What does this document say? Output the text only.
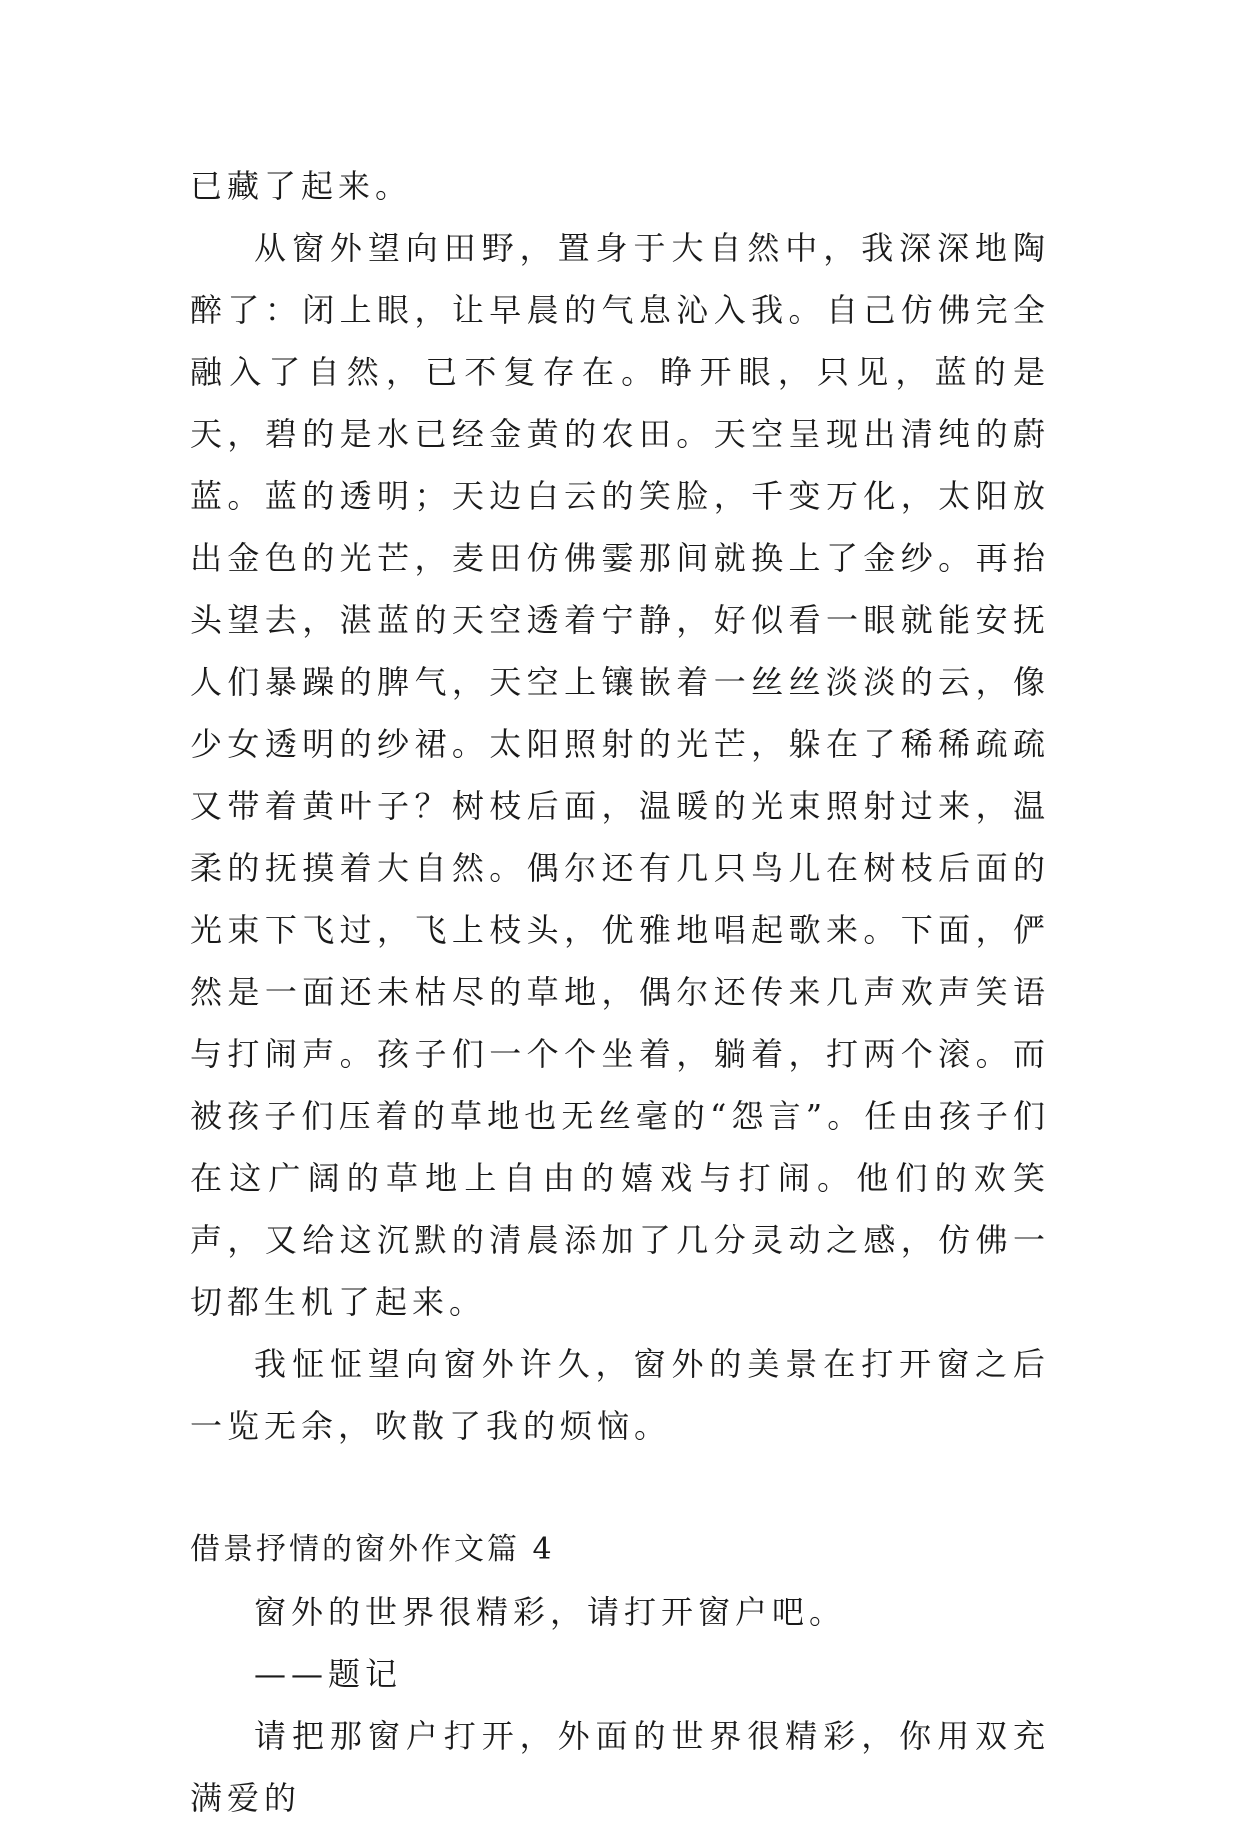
已藏了起来。

从窗外望向田野，置身于大自然中，我深深地陶醉了：闭上眼，让早晨的气息沁入我。自己仿佛完全融入了自然，已不复存在。睁开眼，只见，蓝的是天，碧的是水已经金黄的农田。天空呈现出清纯的蔚蓝。蓝的透明；天边白云的笑脸，千变万化，太阳放出金色的光芒，麦田仿佛霎那间就换上了金纱。再抬头望去，湛蓝的天空透着宁静，好似看一眼就能安抚人们暴躁的脾气，天空上镶嵌着一丝丝淡淡的云，像少女透明的纱裙。太阳照射的光芒，躲在了稀稀疏疏又带着黄叶子？树枝后面，温暖的光束照射过来，温柔的抚摸着大自然。偶尔还有几只鸟儿在树枝后面的光束下飞过，飞上枝头，优雅地唱起歌来。下面，俨然是一面还未枯尽的草地，偶尔还传来几声欢声笑语与打闹声。孩子们一个个坐着，躺着，打两个滚。而被孩子们压着的草地也无丝毫的“怨言”。任由孩子们在这广阔的草地上自由的嬉戏与打闹。他们的欢笑声，又给这沉默的清晨添加了几分灵动之感，仿佛一切都生机了起来。

我怔怔望向窗外许久，窗外的美景在打开窗之后一览无余，吹散了我的烦恼。

借景抒情的窗外作文篇 4

窗外的世界很精彩，请打开窗户吧。

——题记

请把那窗户打开，外面的世界很精彩，你用双充满爱的
